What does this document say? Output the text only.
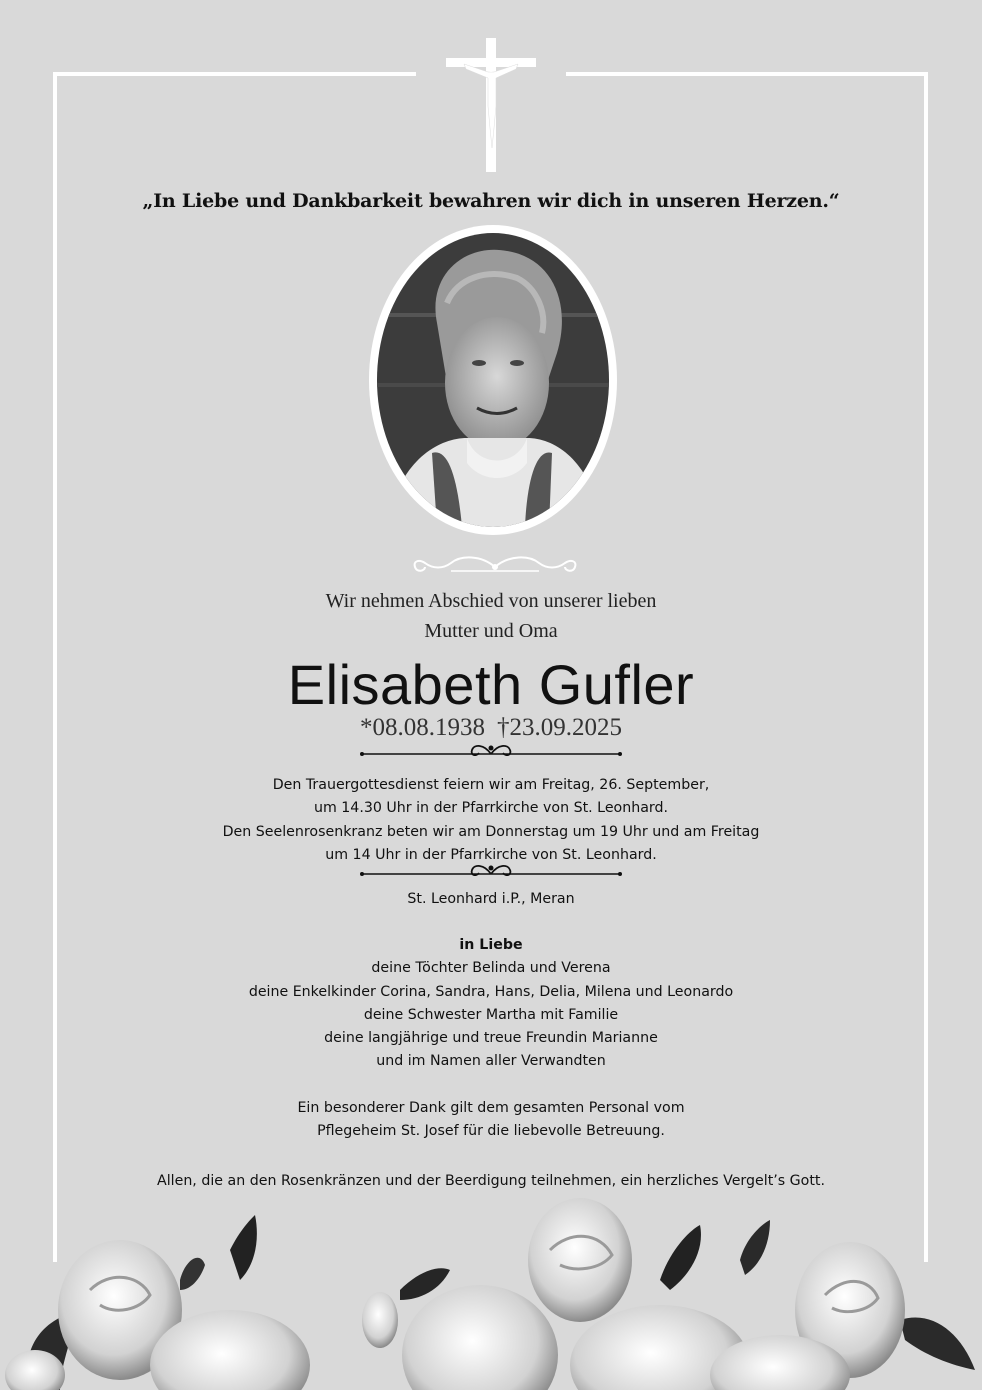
„In Liebe und Dankbarkeit bewahren wir dich in unseren Herzen.“
Wir nehmen Abschied von unserer lieben
Mutter und Oma
Elisabeth Gufler
*08.08.1938 †23.09.2025
Den Trauergottesdienst feiern wir am Freitag, 26. September,
um 14.30 Uhr in der Pfarrkirche von St. Leonhard.
Den Seelenrosenkranz beten wir am Donnerstag um 19 Uhr und am Freitag
um 14 Uhr in der Pfarrkirche von St. Leonhard.
St. Leonhard i.P., Meran
in Liebe
deine Töchter Belinda und Verena
deine Enkelkinder Corina, Sandra, Hans, Delia, Milena und Leonardo
deine Schwester Martha mit Familie
deine langjährige und treue Freundin Marianne
und im Namen aller Verwandten
Ein besonderer Dank gilt dem gesamten Personal vom
Pflegeheim St. Josef für die liebevolle Betreuung.
Allen, die an den Rosenkränzen und der Beerdigung teilnehmen, ein herzliches Vergelt’s Gott.
